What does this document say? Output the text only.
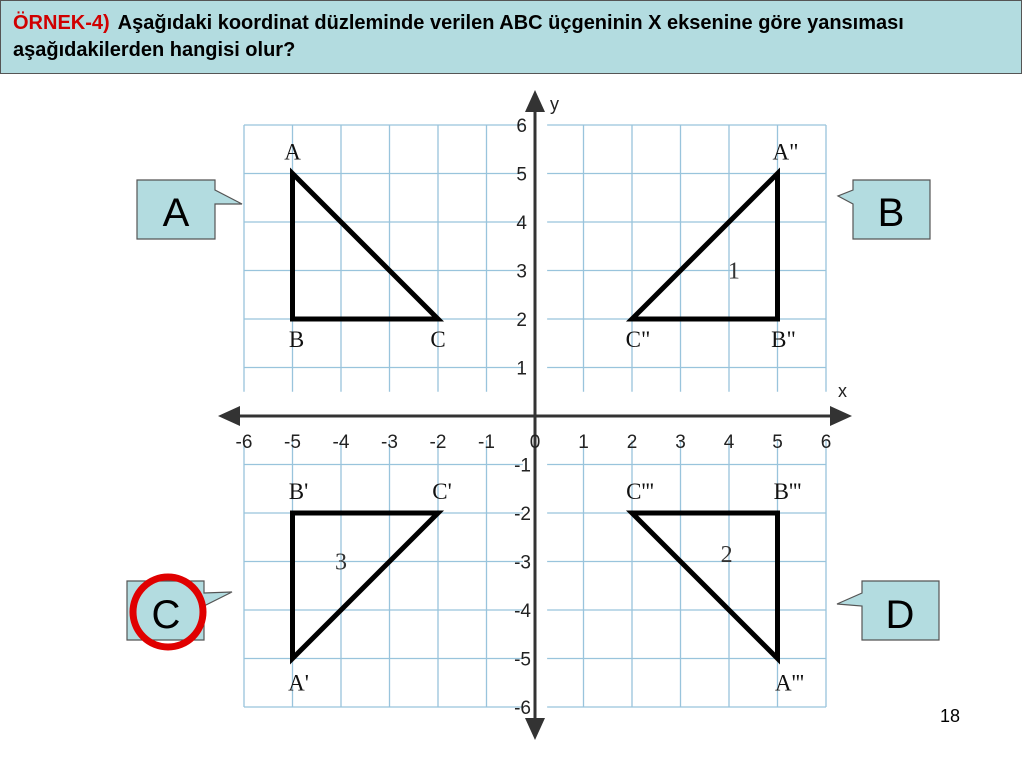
ÖRNEK-4) Aşağıdaki koordinat düzleminde verilen ABC üçgeninin X eksenine göre yansıması aşağıdakilerden hangisi olur?
x
y
-6 -5 -4 -3 -2 -1 0 1 2 3 4 5 6
6
5
4
3
2
1
-1
-2
-3
-4
-5
-6
A
B	C
A"
B"
C"
1
A'
B'	C'
3
A'''
B'''
C'''
2
A	B
C	D
18
